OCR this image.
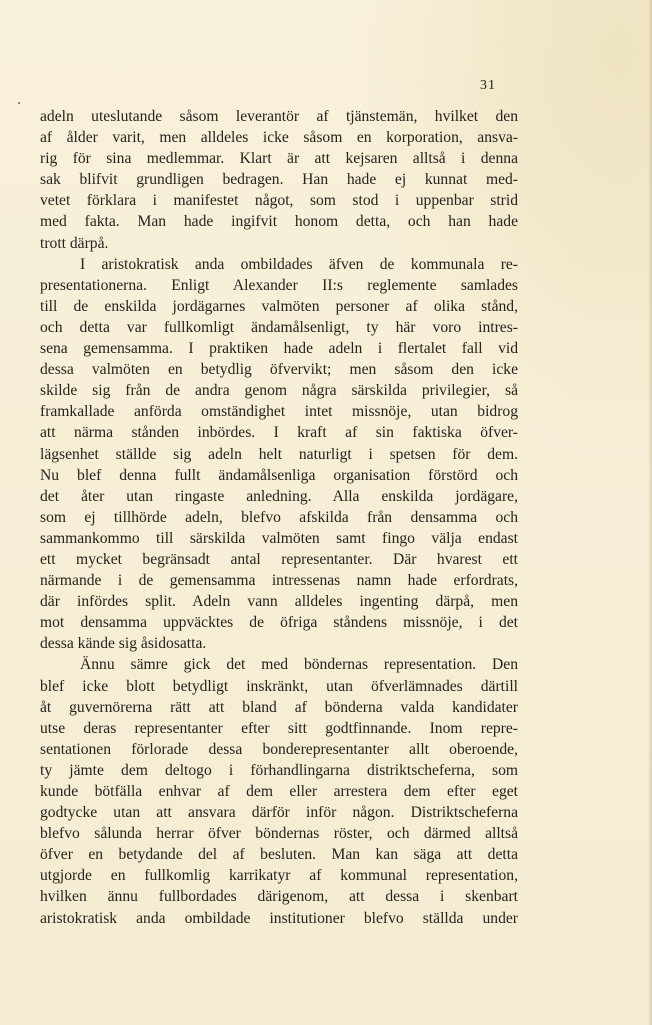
31
adeln uteslutande såsom leverantör af tjänstemän, hvilket den
af ålder varit, men alldeles icke såsom en korporation, ansva-
rig för sina medlemmar. Klart är att kejsaren alltså i denna
sak blifvit grundligen bedragen. Han hade ej kunnat med-
vetet förklara i manifestet något, som stod i uppenbar strid
med fakta. Man hade ingifvit honom detta, och han hade
trott därpå.
I aristokratisk anda ombildades äfven de kommunala re-
presentationerna. Enligt Alexander II:s reglemente samlades
till de enskilda jordägarnes valmöten personer af olika stånd,
och detta var fullkomligt ändamålsenligt, ty här voro intres-
sena gemensamma. I praktiken hade adeln i flertalet fall vid
dessa valmöten en betydlig öfvervikt; men såsom den icke
skilde sig från de andra genom några särskilda privilegier, så
framkallade anförda omständighet intet missnöje, utan bidrog
att närma stånden inbördes. I kraft af sin faktiska öfver-
lägsenhet ställde sig adeln helt naturligt i spetsen för dem.
Nu blef denna fullt ändamålsenliga organisation förstörd och
det åter utan ringaste anledning. Alla enskilda jordägare,
som ej tillhörde adeln, blefvo afskilda från densamma och
sammankommo till särskilda valmöten samt fingo välja endast
ett mycket begränsadt antal representanter. Där hvarest ett
närmande i de gemensamma intressenas namn hade erfordrats,
där infördes split. Adeln vann alldeles ingenting därpå, men
mot densamma uppväcktes de öfriga ståndens missnöje, i det
dessa kände sig åsidosatta.
Ännu sämre gick det med böndernas representation. Den
blef icke blott betydligt inskränkt, utan öfverlämnades därtill
åt guvernörerna rätt att bland af bönderna valda kandidater
utse deras representanter efter sitt godtfinnande. Inom repre-
sentationen förlorade dessa bonderepresentanter allt oberoende,
ty jämte dem deltogo i förhandlingarna distriktscheferna, som
kunde bötfälla enhvar af dem eller arrestera dem efter eget
godtycke utan att ansvara därför inför någon. Distriktscheferna
blefvo sålunda herrar öfver böndernas röster, och därmed alltså
öfver en betydande del af besluten. Man kan säga att detta
utgjorde en fullkomlig karrikatyr af kommunal representation,
hvilken ännu fullbordades därigenom, att dessa i skenbart
aristokratisk anda ombildade institutioner blefvo ställda under
